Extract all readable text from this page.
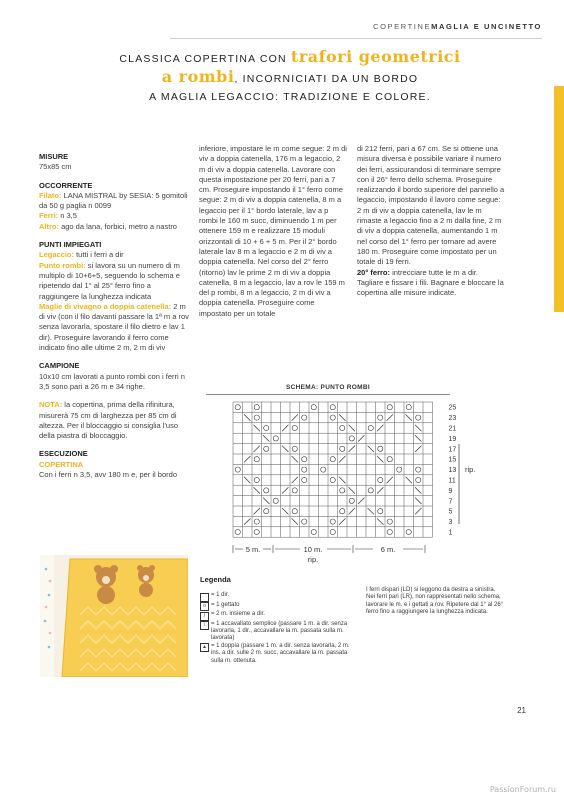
COPERTINEMAGLIA E UNCINETTO
CLASSICA COPERTINA CON trafori geometrici
a rombi, INCORNICIATI DA UN BORDO
A MAGLIA LEGACCIO: TRADIZIONE E COLORE.

MISURE

75x85 cm

OCCORRENTE

Filato: LANA MISTRAL by SESIA: 5 gomitoli da 50 g paglia n 0099

Ferri: n 3,5

Altro: ago da lana, forbici, metro a nastro

PUNTI IMPIEGATI

Legaccio: tutti i ferri a dir

Punto rombi: si lavora su un numero di m multiplo di 10+6+5, seguendo lo schema e ripetendo dal 1° al 25° ferro fino a raggiungere la lunghezza indicata

Maglie di vivagno a doppia catenella: 2 m di viv (con il filo davanti passare la 1ª m a rov senza lavorarla, spostare il filo dietro e lav 1 dir). Proseguire lavorando il ferro come indicato fino alle ultime 2 m, 2 m di viv

CAMPIONE

10x10 cm lavorati a punto rombi con i ferri n 3,5 sono pari a 26 m e 34 righe.

NOTA: la copertina, prima della rifinitura, misurerà 75 cm di larghezza per 85 cm di altezza. Per il bloccaggio si consiglia l'uso della piastra di bloccaggio.

ESECUZIONE

COPERTINA

Con i ferri n 3,5, avv 180 m e, per il bordo

inferiore, impostare le m come segue: 2 m di viv a doppia catenella, 176 m a legaccio, 2 m di viv a doppia catenella. Lavorare con questa impostazione per 20 ferri, pari a 7 cm. Proseguire impostando il 1° ferro come segue: 2 m di viv a doppia catenella, 8 m a legaccio per il 1° bordo laterale, lav a p rombi le 160 m succ, diminuendo 1 m per ottenere 159 m e realizzare 15 moduli orizzontali di 10 + 6 + 5 m. Per il 2° bordo laterale lav 8 m a legaccio e 2 m di viv a doppia catenella. Nel corso del 2° ferro (ritorno) lav le prime 2 m di viv a doppia catenella, 8 m a legaccio, lav a rov le 159 m del p rombi, 8 m a legaccio, 2 m di viv a doppia catenella. Proseguire come impostato per un totale

di 212 ferri, pari a 67 cm. Se si ottiene una misura diversa è possibile variare il numero dei ferri, assicurandosi di terminare sempre con il 26° ferro dello schema. Proseguire realizzando il bordo superiore del pannello a legaccio, impostando il lavoro come segue: 2 m di viv a doppia catenella, lav le m rimaste a legaccio fino a 2 m dalla fine, 2 m di viv a doppia catenella, aumentando 1 m nel corso del 1° ferro per tornare ad avere 180 m. Proseguire come impostato per un totale di 19 ferri.

20° ferro: intrecciare tutte le m a dir. Tagliare e fissare i fili. Bagnare e bloccare la copertina alle misure indicate.

SCHEMA: PUNTO ROMBI
25
23
21
19
17
15
13
11
9
7
5
3
1
rip.
5 m.	10 m.
rip.
6 m.
Legenda
= 1 dir.
o = 1 gettato
/ = 2 m. insieme a dir.
\ = 1 accavallato semplice (passare 1 m. a dir. senza lavorarla, 1 dir., accavallare la m. passata sulla m. lavorata)
▲ = 1 doppia (passare 1 m. a dir. senza lavorarla, 2 m. ins. a dir. sulle 2 m. succ, accavallare la m. passata sulla m. ottenuta.
I ferri dispari (LD) si leggono da destra a sinistra. Nei ferri pari (LR), non rappresentati nello schema, lavorare le m. e i gettati a rov. Ripetere dal 1° al 26° ferro fino a raggiungere la lunghezza indicata.
21
PassionForum.ru
